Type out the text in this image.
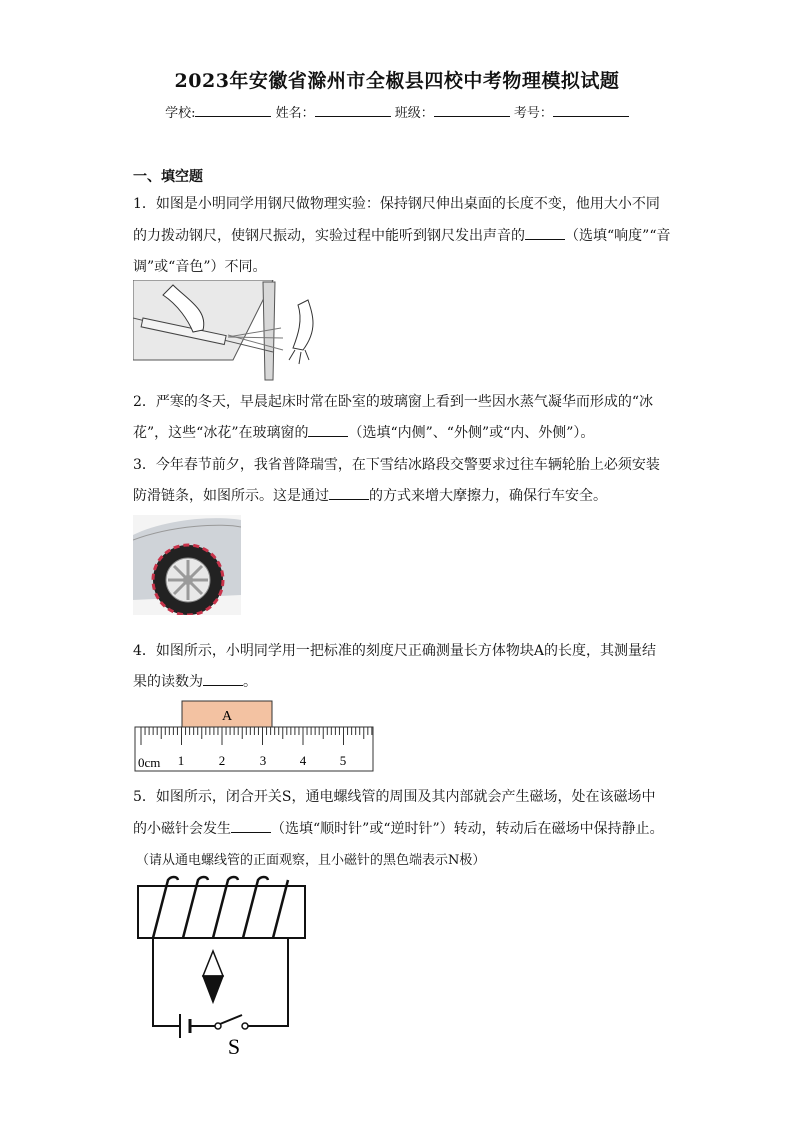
2023年安徽省滁州市全椒县四校中考物理模拟试题
学校:	姓名：	班级：	考号：
一、填空题
1．如图是小明同学用钢尺做物理实验：保持钢尺伸出桌面的长度不变，他用大小不同
的力拨动钢尺，使钢尺振动，实验过程中能听到钢尺发出声音的	（选填“响度”“音
调”或“音色”）不同。
2．严寒的冬天，早晨起床时常在卧室的玻璃窗上看到一些因水蒸气凝华而形成的“冰
花”，这些“冰花”在玻璃窗的	（选填“内侧”、“外侧”或“内、外侧”）。
3．今年春节前夕，我省普降瑞雪，在下雪结冰路段交警要求过往车辆轮胎上必须安装
防滑链条，如图所示。这是通过	的方式来增大摩擦力，确保行车安全。
4．如图所示，小明同学用一把标准的刻度尺正确测量长方体物块A的长度，其测量结
果的读数为	。
A
0cm 1	2	3	4	5
5．如图所示，闭合开关S，通电螺线管的周围及其内部就会产生磁场，处在该磁场中
的小磁针会发生	（选填“顺时针”或“逆时针”）转动，转动后在磁场中保持静止。
（请从通电螺线管的正面观察，且小磁针的黑色端表示N极）
S
